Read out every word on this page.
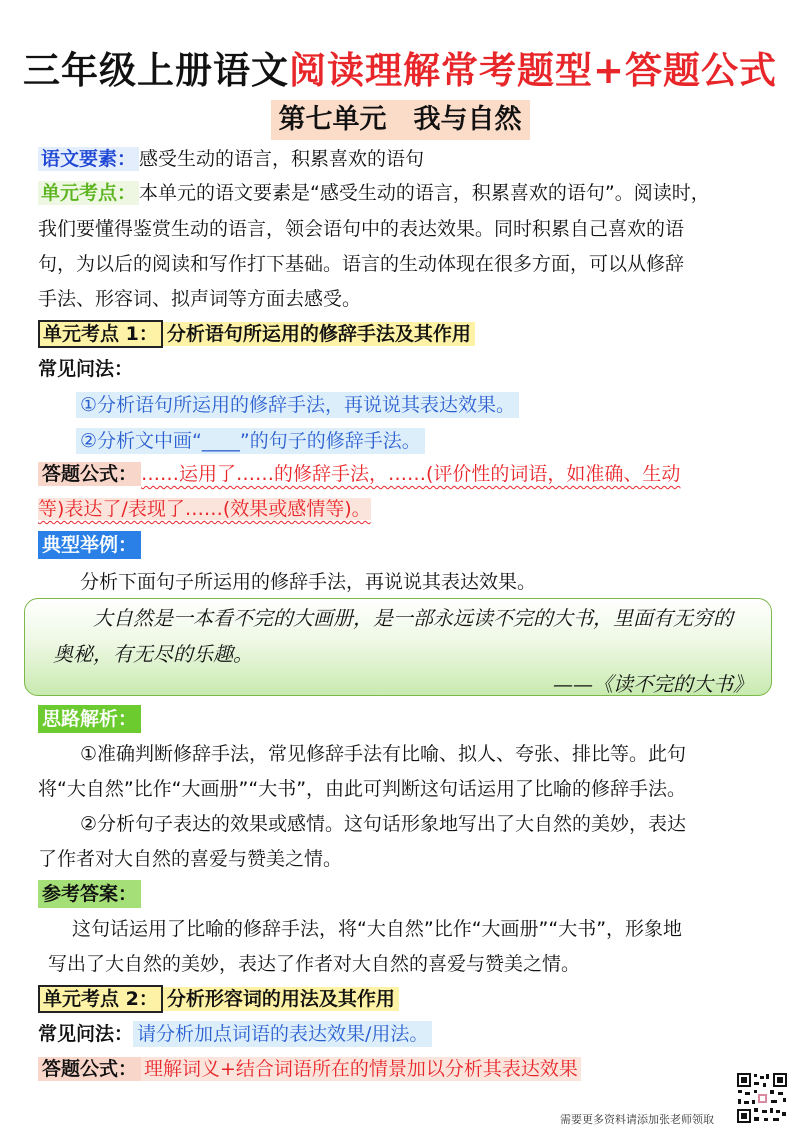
三年级上册语文阅读理解常考题型+答题公式
第七单元　我与自然
语文要素： 感受生动的语言，积累喜欢的语句
单元考点： 本单元的语文要素是“感受生动的语言，积累喜欢的语句”。阅读时，
我们要懂得鉴赏生动的语言，领会语句中的表达效果。同时积累自己喜欢的语
句，为以后的阅读和写作打下基础。语言的生动体现在很多方面，可以从修辞
手法、形容词、拟声词等方面去感受。
单元考点 1： 分析语句所运用的修辞手法及其作用
常见问法：
①分析语句所运用的修辞手法，再说说其表达效果。
②分析文中画“____”的句子的修辞手法。
答题公式： ……运用了……的修辞手法，……(评价性的词语，如准确、生动
等)表达了/表现了……(效果或感情等)。
典型举例：
分析下面句子所运用的修辞手法，再说说其表达效果。
大自然是一本看不完的大画册，是一部永远读不完的大书，里面有无穷的
奥秘，有无尽的乐趣。
——《读不完的大书》
思路解析：
①准确判断修辞手法，常见修辞手法有比喻、拟人、夸张、排比等。此句
将“大自然”比作“大画册”“大书”，由此可判断这句话运用了比喻的修辞手法。
②分析句子表达的效果或感情。这句话形象地写出了大自然的美妙，表达
了作者对大自然的喜爱与赞美之情。
参考答案：
这句话运用了比喻的修辞手法，将“大自然”比作“大画册”“大书”，形象地
写出了大自然的美妙，表达了作者对大自然的喜爱与赞美之情。
单元考点 2： 分析形容词的用法及其作用
常见问法： 请分析加点词语的表达效果/用法。
答题公式： 理解词义+结合词语所在的情景加以分析其表达效果
需要更多资料请添加张老师领取
